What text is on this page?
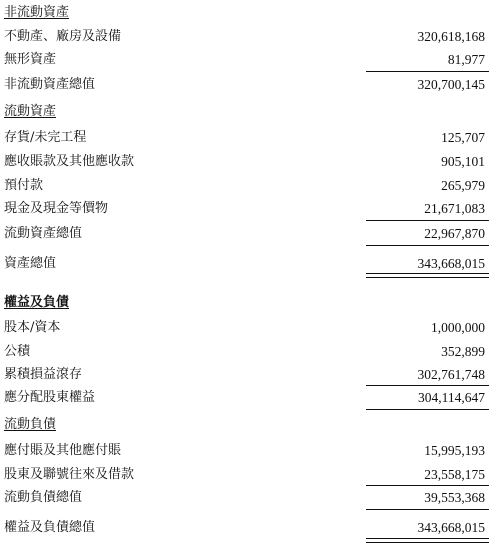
非流動資產
不動產、廠房及設備	320,618,168
無形資產	81,977
非流動資產總值	320,700,145
流動資產
存貨/未完工程	125,707
應收賬款及其他應收款	905,101
預付款	265,979
現金及現金等價物	21,671,083
流動資產總值	22,967,870
資產總值	343,668,015
權益及負債
股本/資本	1,000,000
公積	352,899
累積損益滾存	302,761,748
應分配股東權益	304,114,647
流動負債
應付賬及其他應付賬	15,995,193
股東及聯號往來及借款	23,558,175
流動負債總值	39,553,368
權益及負債總值	343,668,015
